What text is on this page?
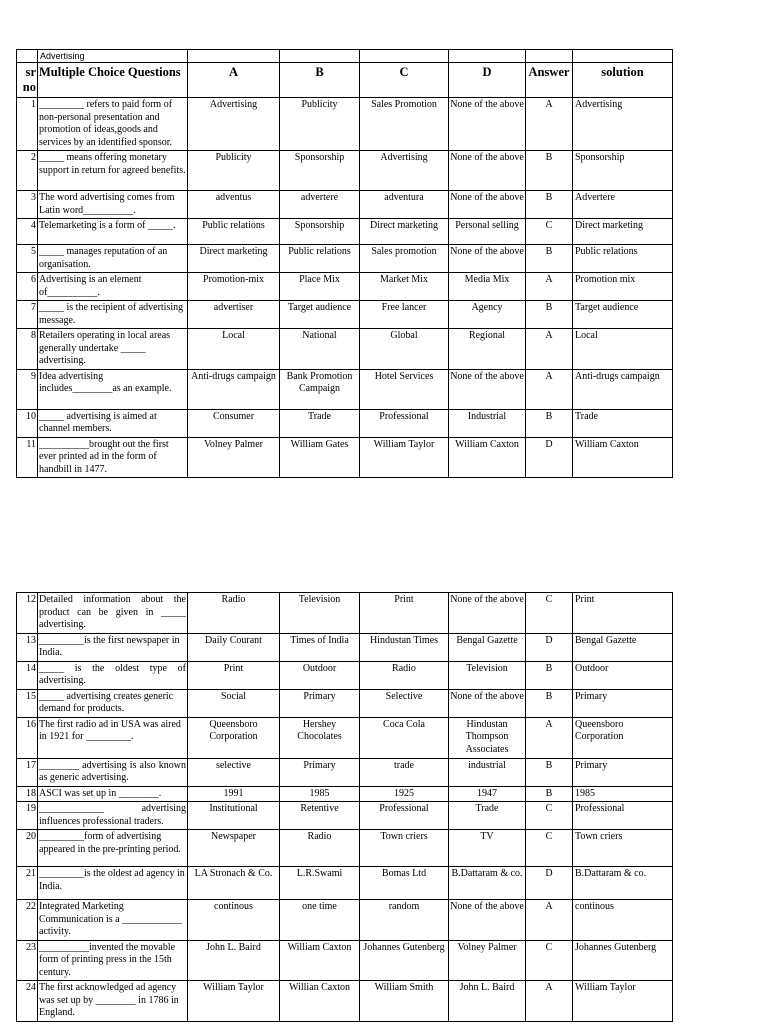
	Advertising						
sr no	Multiple Choice Questions	A	B	C	D	Answer	solution
1	_________ refers to paid form of non-personal presentation and promotion of ideas,goods and services by an identified sponsor.	Advertising	Publicity	Sales Promotion	None of the above	A	Advertising
2	_____ means offering monetary support in return for agreed benefits.	Publicity	Sponsorship	Advertising	None of the above	B	Sponsorship
3	The word advertising comes from Latin word__________.	adventus	advertere	adventura	None of the above	B	Advertere
4	Telemarketing is a form of _____.	Public relations	Sponsorship	Direct marketing	Personal selling	C	Direct marketing
5	_____ manages reputation of an organisation.	Direct marketing	Public relations	Sales promotion	None of the above	B	Public relations
6	Advertising is an element of__________.	Promotion-mix	Place Mix	Market Mix	Media Mix	A	Promotion mix
7	_____ is the recipient of advertising message.	advertiser	Target audience	Free lancer	Agency	B	Target audience
8	Retailers operating in local areas generally undertake _____ advertising.	Local	National	Global	Regional	A	Local
9	Idea advertising includes________as an example.	Anti-drugs campaign	Bank Promotion Campaign	Hotel Services	None of the above	A	Anti-drugs campaign
10	_____ advertising is aimed at channel members.	Consumer	Trade	Professional	Industrial	B	Trade
11	__________brought out the first ever printed ad in the form of handbill in 1477.	Volney Palmer	William Gates	William Taylor	William Caxton	D	William Caxton
12	Detailed information about the product can be given in _____ advertising.	Radio	Television	Print	None of the above	C	Print
13	_________is the first newspaper in India.	Daily Courant	Times of India	Hindustan Times	Bengal Gazette	D	Bengal Gazette
14	_____ is the oldest type of advertising.	Print	Outdoor	Radio	Television	B	Outdoor
15	_____ advertising creates generic demand for products.	Social	Primary	Selective	None of the above	B	Primary
16	The first radio ad in USA was aired in 1921 for _________.	Queensboro Corporation	Hershey Chocolates	Coca Cola	Hindustan Thompson Associates	A	Queensboro Corporation
17	________ advertising is also known as generic advertising.	selective	Primary	trade	industrial	B	Primary
18	ASCI was set up in ________.	1991	1985	1925	1947	B	1985
19	_____________ advertising influences professional traders.	Institutional	Retentive	Professional	Trade	C	Professional
20	_________form of advertising appeared in the pre-printing period.	Newspaper	Radio	Town criers	TV	C	Town criers
21	_________is the oldest ad agency in India.	LA Stronach & Co.	L.R.Swami	Bomas Ltd	B.Dattaram & co.	D	B.Dattaram & co.
22	Integrated Marketing Communication is a ____________ activity.	continous	one time	random	None of the above	A	continous
23	__________invented the movable form of printing press in the 15th century.	John L. Baird	William Caxton	Johannes Gutenberg	Volney Palmer	C	Johannes Gutenberg
24	The first acknowledged ad agency was set up by ________ in 1786 in England.	William Taylor	Willian Caxton	William Smith	John L. Baird	A	William Taylor
